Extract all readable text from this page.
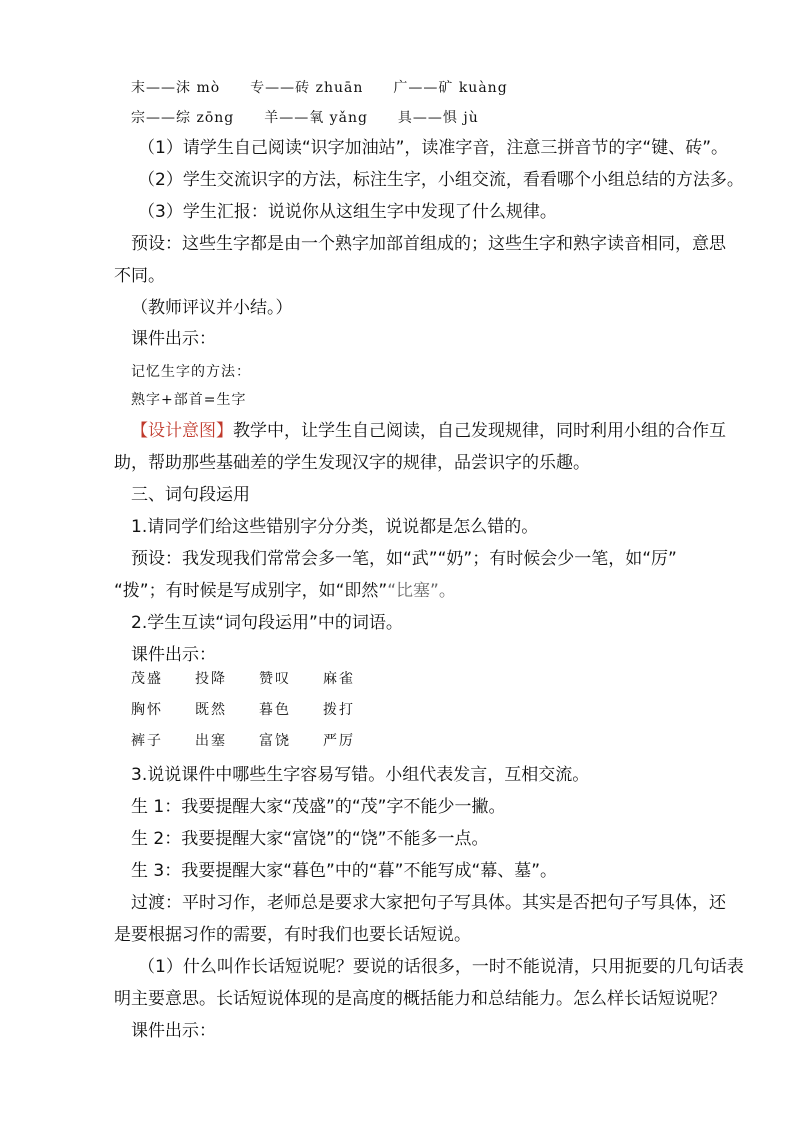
末——沫 mò　　专——砖 zhuān　　广——矿 kuàng
宗——综 zōng　　羊——氧 yǎng　　具——惧 jù
（1）请学生自己阅读“识字加油站”，读准字音，注意三拼音节的字“键、砖”。
（2）学生交流识字的方法，标注生字，小组交流，看看哪个小组总结的方法多。
（3）学生汇报：说说你从这组生字中发现了什么规律。
预设：这些生字都是由一个熟字加部首组成的；这些生字和熟字读音相同，意思
不同。
（教师评议并小结。）
课件出示：
记忆生字的方法：
熟字+部首=生字
【设计意图】教学中，让学生自己阅读，自己发现规律，同时利用小组的合作互
助，帮助那些基础差的学生发现汉字的规律，品尝识字的乐趣。
三、词句段运用
1.请同学们给这些错别字分分类，说说都是怎么错的。
预设：我发现我们常常会多一笔，如“武”“奶”；有时候会少一笔，如“厉”
“拨”；有时候是写成别字，如“即然”“比塞”。
2.学生互读“词句段运用”中的词语。
课件出示：
茂盛 投降 赞叹 麻雀
胸怀 既然 暮色 拨打
裤子 出塞 富饶 严厉
3.说说课件中哪些生字容易写错。小组代表发言，互相交流。
生 1：我要提醒大家“茂盛”的“茂”字不能少一撇。
生 2：我要提醒大家“富饶”的“饶”不能多一点。
生 3：我要提醒大家“暮色”中的“暮”不能写成“幕、墓”。
过渡：平时习作，老师总是要求大家把句子写具体。其实是否把句子写具体，还
是要根据习作的需要，有时我们也要长话短说。
（1）什么叫作长话短说呢？要说的话很多，一时不能说清，只用扼要的几句话表
明主要意思。长话短说体现的是高度的概括能力和总结能力。怎么样长话短说呢？
课件出示：
